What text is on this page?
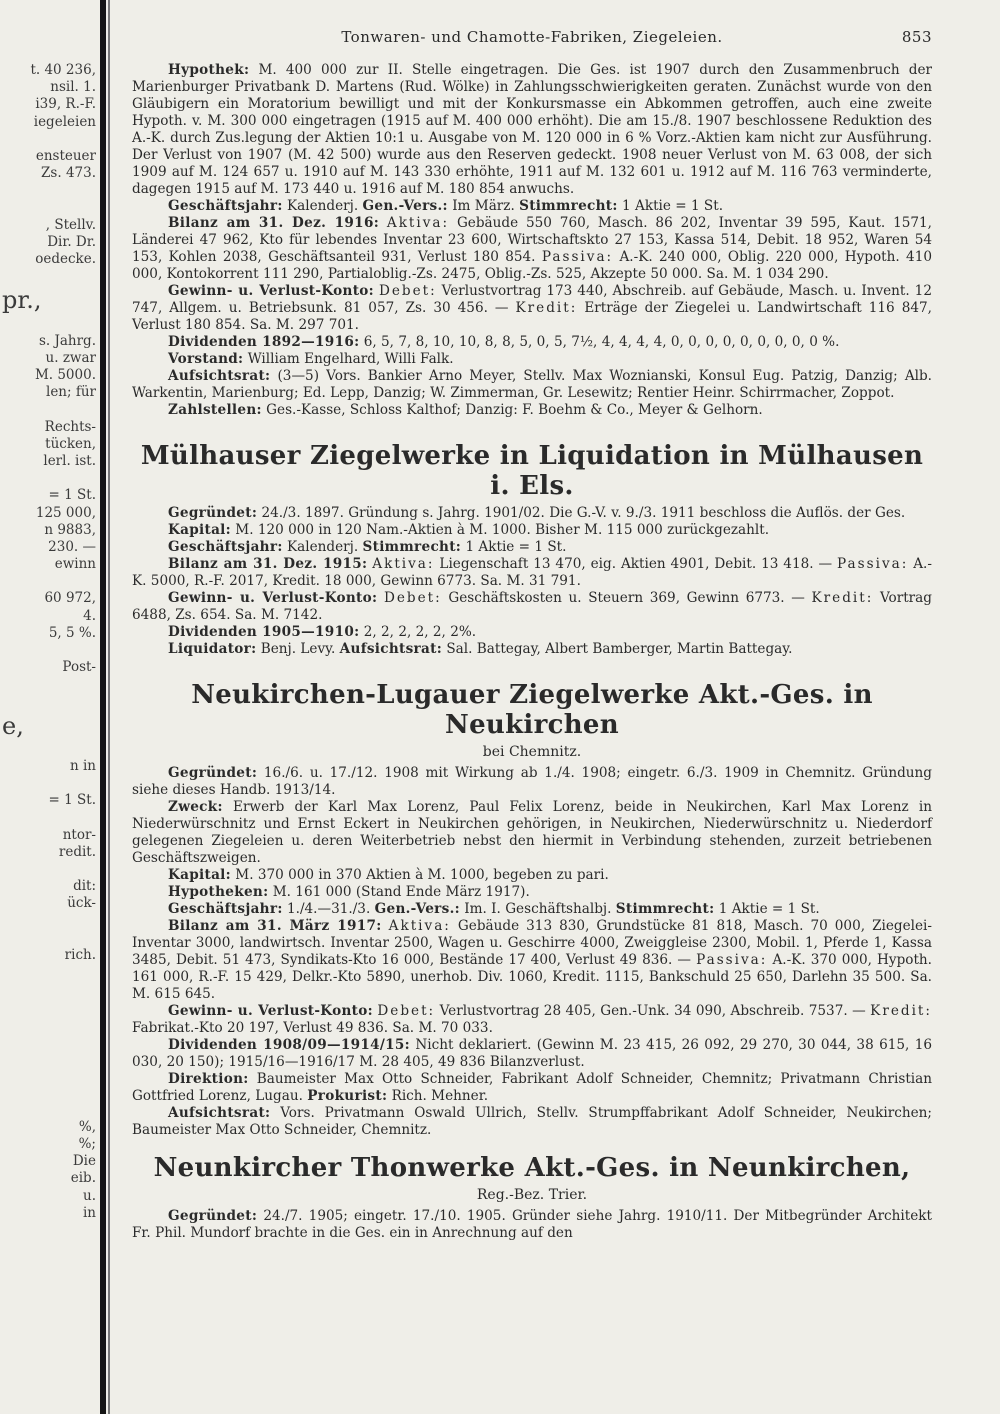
t. 40 236,
nsil. 1.
i39, R.-F.
iegeleien

ensteuer
Zs. 473.

, Stellv.
Dir. Dr.
oedecke.

pr.,

s. Jahrg.
u. zwar
M. 5000.
len; für

Rechts-
tücken,
lerl. ist.

= 1 St.
125 000,
n 9883,
230. —
ewinn

60 972,
4.
5, 5 %.

Post-

e,

n in

= 1 St.

ntor-
redit.

dit:
ück-

rich.

%,
%;
Die
eib.
u.
in
Tonwaren- und Chamotte-Fabriken, Ziegeleien.	853

Hypothek: M. 400 000 zur II. Stelle eingetragen. Die Ges. ist 1907 durch den Zusammenbruch der Marienburger Privatbank D. Martens (Rud. Wölke) in Zahlungsschwierigkeiten geraten. Zunächst wurde von den Gläubigern ein Moratorium bewilligt und mit der Konkursmasse ein Abkommen getroffen, auch eine zweite Hypoth. v. M. 300 000 eingetragen (1915 auf M. 400 000 erhöht). Die am 15./8. 1907 beschlossene Reduktion des A.-K. durch Zus.legung der Aktien 10:1 u. Ausgabe von M. 120 000 in 6 % Vorz.-Aktien kam nicht zur Ausführung. Der Verlust von 1907 (M. 42 500) wurde aus den Reserven gedeckt. 1908 neuer Verlust von M. 63 008, der sich 1909 auf M. 124 657 u. 1910 auf M. 143 330 erhöhte, 1911 auf M. 132 601 u. 1912 auf M. 116 763 verminderte, dagegen 1915 auf M. 173 440 u. 1916 auf M. 180 854 anwuchs.

Geschäftsjahr: Kalenderj. Gen.-Vers.: Im März. Stimmrecht: 1 Aktie = 1 St.

Bilanz am 31. Dez. 1916: Aktiva: Gebäude 550 760, Masch. 86 202, Inventar 39 595, Kaut. 1571, Länderei 47 962, Kto für lebendes Inventar 23 600, Wirtschaftskto 27 153, Kassa 514, Debit. 18 952, Waren 54 153, Kohlen 2038, Geschäftsanteil 931, Verlust 180 854. Passiva: A.-K. 240 000, Oblig. 220 000, Hypoth. 410 000, Kontokorrent 111 290, Partialoblig.-Zs. 2475, Oblig.-Zs. 525, Akzepte 50 000. Sa. M. 1 034 290.

Gewinn- u. Verlust-Konto: Debet: Verlustvortrag 173 440, Abschreib. auf Gebäude, Masch. u. Invent. 12 747, Allgem. u. Betriebsunk. 81 057, Zs. 30 456. — Kredit: Erträge der Ziegelei u. Landwirtschaft 116 847, Verlust 180 854. Sa. M. 297 701.

Dividenden 1892—1916: 6, 5, 7, 8, 10, 10, 8, 8, 5, 0, 5, 7½, 4, 4, 4, 4, 0, 0, 0, 0, 0, 0, 0, 0, 0 %.

Vorstand: William Engelhard, Willi Falk.

Aufsichtsrat: (3—5) Vors. Bankier Arno Meyer, Stellv. Max Woznianski, Konsul Eug. Patzig, Danzig; Alb. Warkentin, Marienburg; Ed. Lepp, Danzig; W. Zimmerman, Gr. Lesewitz; Rentier Heinr. Schirrmacher, Zoppot.

Zahlstellen: Ges.-Kasse, Schloss Kalthof; Danzig: F. Boehm & Co., Meyer & Gelhorn.

Mülhauser Ziegelwerke in Liquidation in Mülhausen i. Els.

Gegründet: 24./3. 1897. Gründung s. Jahrg. 1901/02. Die G.-V. v. 9./3. 1911 beschloss die Auflös. der Ges.

Kapital: M. 120 000 in 120 Nam.-Aktien à M. 1000. Bisher M. 115 000 zurückgezahlt.

Geschäftsjahr: Kalenderj. Stimmrecht: 1 Aktie = 1 St.

Bilanz am 31. Dez. 1915: Aktiva: Liegenschaft 13 470, eig. Aktien 4901, Debit. 13 418. — Passiva: A.-K. 5000, R.-F. 2017, Kredit. 18 000, Gewinn 6773. Sa. M. 31 791.

Gewinn- u. Verlust-Konto: Debet: Geschäftskosten u. Steuern 369, Gewinn 6773. — Kredit: Vortrag 6488, Zs. 654. Sa. M. 7142.

Dividenden 1905—1910: 2, 2, 2, 2, 2, 2%.

Liquidator: Benj. Levy. Aufsichtsrat: Sal. Battegay, Albert Bamberger, Martin Battegay.

Neukirchen-Lugauer Ziegelwerke Akt.-Ges. in Neukirchen
bei Chemnitz.

Gegründet: 16./6. u. 17./12. 1908 mit Wirkung ab 1./4. 1908; eingetr. 6./3. 1909 in Chemnitz. Gründung siehe dieses Handb. 1913/14.

Zweck: Erwerb der Karl Max Lorenz, Paul Felix Lorenz, beide in Neukirchen, Karl Max Lorenz in Niederwürschnitz und Ernst Eckert in Neukirchen gehörigen, in Neukirchen, Niederwürschnitz u. Niederdorf gelegenen Ziegeleien u. deren Weiterbetrieb nebst den hiermit in Verbindung stehenden, zurzeit betriebenen Geschäftszweigen.

Kapital: M. 370 000 in 370 Aktien à M. 1000, begeben zu pari.

Hypotheken: M. 161 000 (Stand Ende März 1917).

Geschäftsjahr: 1./4.—31./3. Gen.-Vers.: Im. I. Geschäftshalbj. Stimmrecht: 1 Aktie = 1 St.

Bilanz am 31. März 1917: Aktiva: Gebäude 313 830, Grundstücke 81 818, Masch. 70 000, Ziegelei-Inventar 3000, landwirtsch. Inventar 2500, Wagen u. Geschirre 4000, Zweiggleise 2300, Mobil. 1, Pferde 1, Kassa 3485, Debit. 51 473, Syndikats-Kto 16 000, Bestände 17 400, Verlust 49 836. — Passiva: A.-K. 370 000, Hypoth. 161 000, R.-F. 15 429, Delkr.-Kto 5890, unerhob. Div. 1060, Kredit. 1115, Bankschuld 25 650, Darlehn 35 500. Sa. M. 615 645.

Gewinn- u. Verlust-Konto: Debet: Verlustvortrag 28 405, Gen.-Unk. 34 090, Abschreib. 7537. — Kredit: Fabrikat.-Kto 20 197, Verlust 49 836. Sa. M. 70 033.

Dividenden 1908/09—1914/15: Nicht deklariert. (Gewinn M. 23 415, 26 092, 29 270, 30 044, 38 615, 16 030, 20 150); 1915/16—1916/17 M. 28 405, 49 836 Bilanzverlust.

Direktion: Baumeister Max Otto Schneider, Fabrikant Adolf Schneider, Chemnitz; Privatmann Christian Gottfried Lorenz, Lugau. Prokurist: Rich. Mehner.

Aufsichtsrat: Vors. Privatmann Oswald Ullrich, Stellv. Strumpffabrikant Adolf Schneider, Neukirchen; Baumeister Max Otto Schneider, Chemnitz.

Neunkircher Thonwerke Akt.-Ges. in Neunkirchen,
Reg.-Bez. Trier.

Gegründet: 24./7. 1905; eingetr. 17./10. 1905. Gründer siehe Jahrg. 1910/11. Der Mitbegründer Architekt Fr. Phil. Mundorf brachte in die Ges. ein in Anrechnung auf den
